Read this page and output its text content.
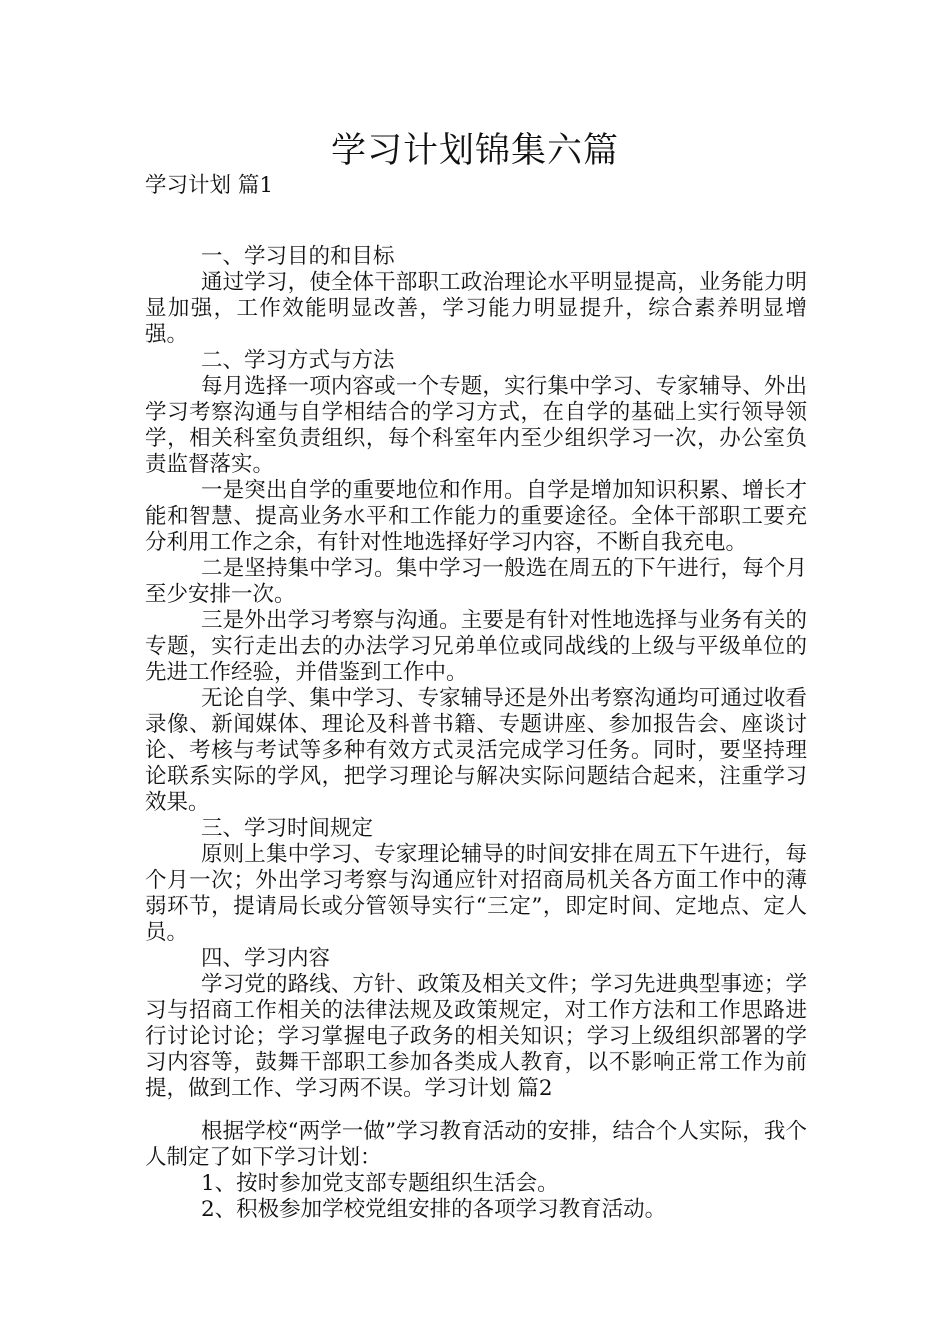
学习计划锦集六篇

学习计划 篇1

一、学习目的和目标

通过学习，使全体干部职工政治理论水平明显提高，业务能力明显加强，工作效能明显改善，学习能力明显提升，综合素养明显增强。

二、学习方式与方法

每月选择一项内容或一个专题，实行集中学习、专家辅导、外出学习考察沟通与自学相结合的学习方式，在自学的基础上实行领导领学，相关科室负责组织，每个科室年内至少组织学习一次，办公室负责监督落实。

一是突出自学的重要地位和作用。自学是增加知识积累、增长才能和智慧、提高业务水平和工作能力的重要途径。全体干部职工要充分利用工作之余，有针对性地选择好学习内容，不断自我充电。

二是坚持集中学习。集中学习一般选在周五的下午进行，每个月至少安排一次。

三是外出学习考察与沟通。主要是有针对性地选择与业务有关的专题，实行走出去的办法学习兄弟单位或同战线的上级与平级单位的先进工作经验，并借鉴到工作中。

无论自学、集中学习、专家辅导还是外出考察沟通均可通过收看录像、新闻媒体、理论及科普书籍、专题讲座、参加报告会、座谈讨论、考核与考试等多种有效方式灵活完成学习任务。同时，要坚持理论联系实际的学风，把学习理论与解决实际问题结合起来，注重学习效果。

三、学习时间规定

原则上集中学习、专家理论辅导的时间安排在周五下午进行，每个月一次；外出学习考察与沟通应针对招商局机关各方面工作中的薄弱环节，提请局长或分管领导实行“三定”，即定时间、定地点、定人员。

四、学习内容

学习党的路线、方针、政策及相关文件；学习先进典型事迹；学习与招商工作相关的法律法规及政策规定，对工作方法和工作思路进行讨论讨论；学习掌握电子政务的相关知识；学习上级组织部署的学习内容等，鼓舞干部职工参加各类成人教育，以不影响正常工作为前提，做到工作、学习两不误。学习计划 篇2

根据学校“两学一做”学习教育活动的安排，结合个人实际，我个人制定了如下学习计划：

1、按时参加党支部专题组织生活会。

2、积极参加学校党组安排的各项学习教育活动。
